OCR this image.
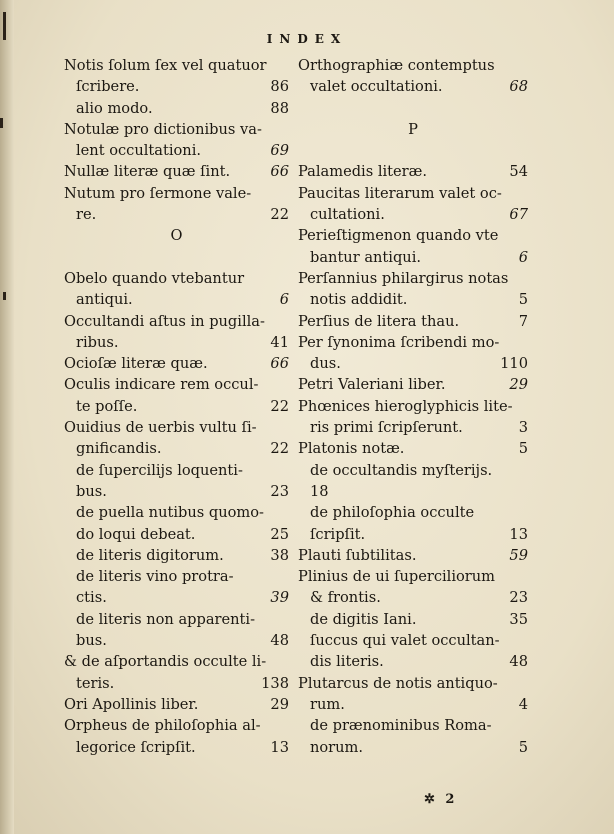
INDEX
Notis ſolum ſex vel quatuor
ſcribere.	86
alio modo.	88
Notulæ pro dictionibus va-
lent occultationi.	69
Nullæ literæ quæ ſint.	66
Nutum pro ſermone vale-
re.	22
O
Obelo quando vtebantur
antiqui.	6
Occultandi aſtus in pugilla-
ribus.	41
Ocioſæ literæ quæ.	66
Oculis indicare rem occul-
te poſſe.	22
Ouidius de uerbis vultu ſi-
gnificandis.	22
de ſupercilijs loquenti-
bus.	23
de puella nutibus quomo-
do loqui debeat.	25
de literis digitorum.	38
de literis vino protra-
ctis.	39
de literis non apparenti-
bus.	48
& de aſportandis occulte li-
teris.	138
Ori Apollinis liber.	29
Orpheus de philoſophia al-
legorice ſcripſit.	13
Orthographiæ contemptus
valet occultationi.	68
P
Palamedis literæ.	54
Paucitas literarum valet oc-
cultationi.	67
Perieſtigmenon quando vte
bantur antiqui.	6
Perſannius philargirus notas
notis addidit.	5
Perſius de litera thau.	7
Per ſynonima ſcribendi mo-
dus.	110
Petri Valeriani liber.	29
Phœnices hieroglyphicis lite-
ris primi ſcripſerunt.	3
Platonis notæ.	5
de occultandis myſterijs.
18
de philoſophia occulte
ſcripſit.	13
Plauti ſubtilitas.	59
Plinius de ui ſuperciliorum
& frontis.	23
de digitis Iani.	35
ſuccus qui valet occultan-
dis literis.	48
Plutarcus de notis antiquo-
rum.	4
de prænominibus Roma-
norum.	5
✲ 2
